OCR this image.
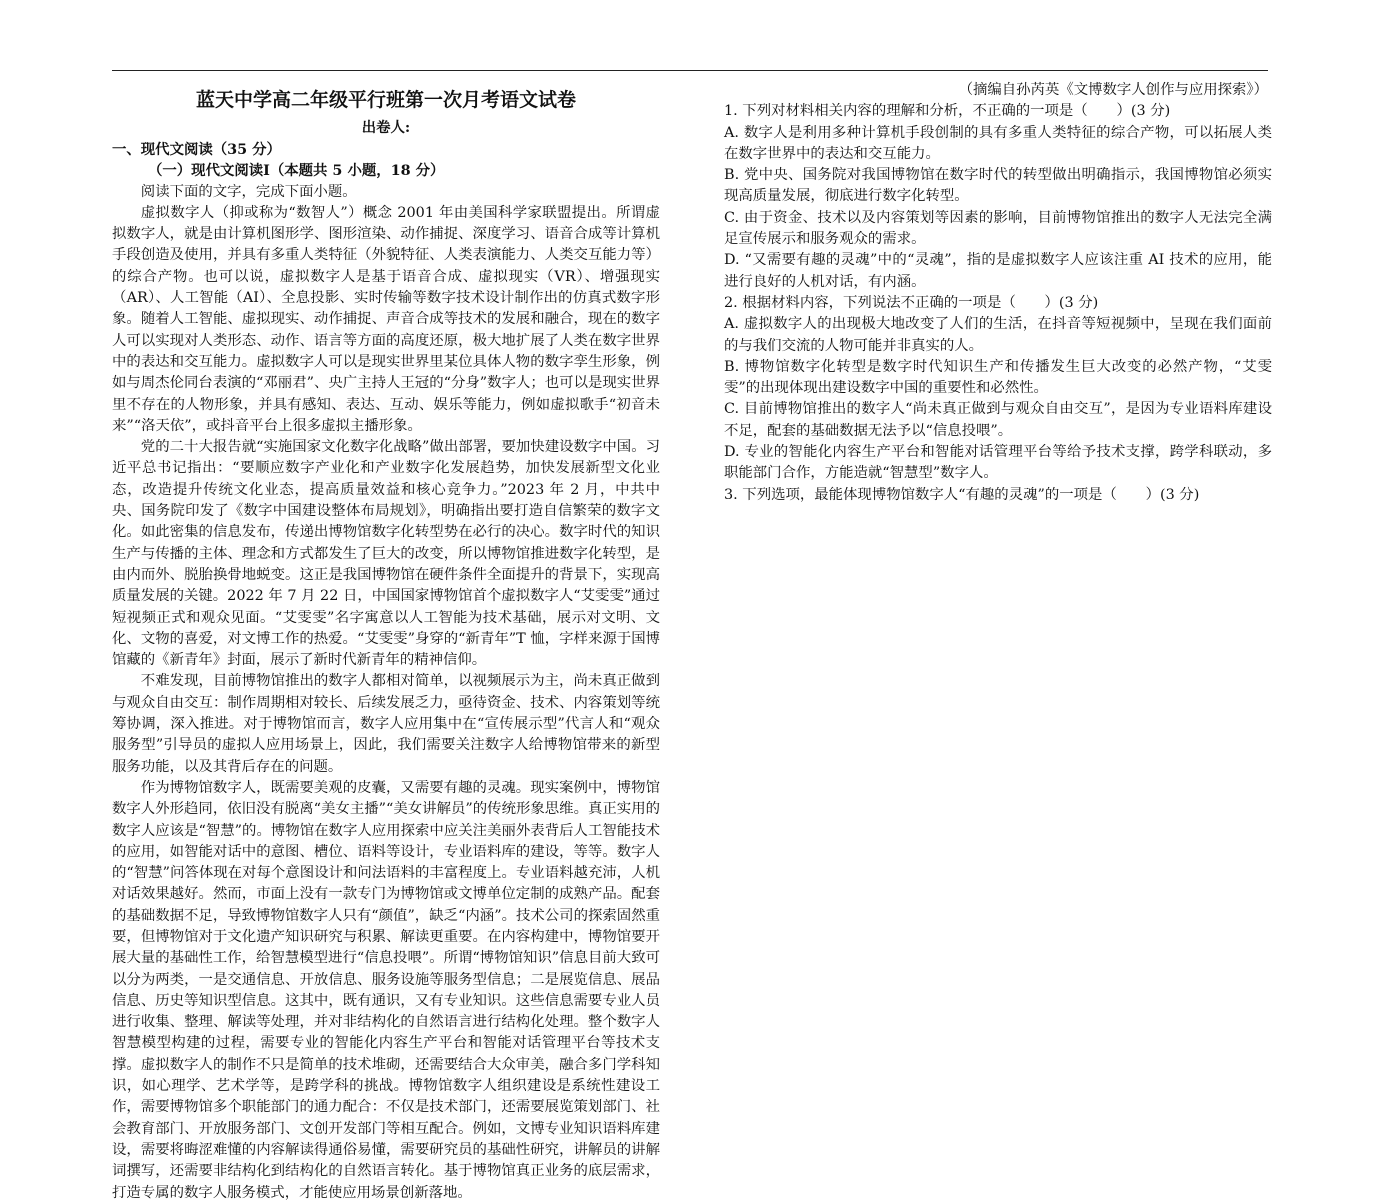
蓝天中学高二年级平行班第一次月考语文试卷
出卷人:
一、现代文阅读（35 分）
（一）现代文阅读Ⅰ（本题共 5 小题，18 分）

阅读下面的文字，完成下面小题。

虚拟数字人（抑或称为“数智人”）概念 2001 年由美国科学家联盟提出。所谓虚拟数字人，就是由计算机图形学、图形渲染、动作捕捉、深度学习、语音合成等计算机手段创造及使用，并具有多重人类特征（外貌特征、人类表演能力、人类交互能力等）的综合产物。也可以说，虚拟数字人是基于语音合成、虚拟现实（VR）、增强现实（AR）、人工智能（AI）、全息投影、实时传输等数字技术设计制作出的仿真式数字形象。随着人工智能、虚拟现实、动作捕捉、声音合成等技术的发展和融合，现在的数字人可以实现对人类形态、动作、语言等方面的高度还原，极大地扩展了人类在数字世界中的表达和交互能力。虚拟数字人可以是现实世界里某位具体人物的数字孪生形象，例如与周杰伦同台表演的“邓丽君”、央广主持人王冠的“分身”数字人；也可以是现实世界里不存在的人物形象，并具有感知、表达、互动、娱乐等能力，例如虚拟歌手“初音未来”“洛天依”，或抖音平台上很多虚拟主播形象。

党的二十大报告就“实施国家文化数字化战略”做出部署，要加快建设数字中国。习近平总书记指出：“要顺应数字产业化和产业数字化发展趋势，加快发展新型文化业态，改造提升传统文化业态，提高质量效益和核心竞争力。”2023 年 2 月，中共中央、国务院印发了《数字中国建设整体布局规划》，明确指出要打造自信繁荣的数字文化。如此密集的信息发布，传递出博物馆数字化转型势在必行的决心。数字时代的知识生产与传播的主体、理念和方式都发生了巨大的改变，所以博物馆推进数字化转型，是由内而外、脱胎换骨地蜕变。这正是我国博物馆在硬件条件全面提升的背景下，实现高质量发展的关键。2022 年 7 月 22 日，中国国家博物馆首个虚拟数字人“艾雯雯”通过短视频正式和观众见面。“艾雯雯”名字寓意以人工智能为技术基础，展示对文明、文化、文物的喜爱，对文博工作的热爱。“艾雯雯”身穿的“新青年”T 恤，字样来源于国博馆藏的《新青年》封面，展示了新时代新青年的精神信仰。

不难发现，目前博物馆推出的数字人都相对简单，以视频展示为主，尚未真正做到与观众自由交互：制作周期相对较长、后续发展乏力，亟待资金、技术、内容策划等统筹协调，深入推进。对于博物馆而言，数字人应用集中在“宣传展示型”代言人和“观众服务型”引导员的虚拟人应用场景上，因此，我们需要关注数字人给博物馆带来的新型服务功能，以及其背后存在的问题。

作为博物馆数字人，既需要美观的皮囊，又需要有趣的灵魂。现实案例中，博物馆数字人外形趋同，依旧没有脱离“美女主播”“美女讲解员”的传统形象思维。真正实用的数字人应该是“智慧”的。博物馆在数字人应用探索中应关注美丽外表背后人工智能技术的应用，如智能对话中的意图、槽位、语料等设计，专业语料库的建设，等等。数字人的“智慧”问答体现在对每个意图设计和问法语料的丰富程度上。专业语料越充沛，人机对话效果越好。然而，市面上没有一款专门为博物馆或文博单位定制的成熟产品。配套的基础数据不足，导致博物馆数字人只有“颜值”，缺乏“内涵”。技术公司的探索固然重要，但博物馆对于文化遗产知识研究与积累、解读更重要。在内容构建中，博物馆要开展大量的基础性工作，给智慧模型进行“信息投喂”。所谓“博物馆知识”信息目前大致可以分为两类，一是交通信息、开放信息、服务设施等服务型信息；二是展览信息、展品信息、历史等知识型信息。这其中，既有通识，又有专业知识。这些信息需要专业人员进行收集、整理、解读等处理，并对非结构化的自然语言进行结构化处理。整个数字人智慧模型构建的过程，需要专业的智能化内容生产平台和智能对话管理平台等技术支撑。虚拟数字人的制作不只是简单的技术堆砌，还需要结合大众审美，融合多门学科知识，如心理学、艺术学等，是跨学科的挑战。博物馆数字人组织建设是系统性建设工作，需要博物馆多个职能部门的通力配合：不仅是技术部门，还需要展览策划部门、社会教育部门、开放服务部门、文创开发部门等相互配合。例如，文博专业知识语料库建设，需要将晦涩难懂的内容解读得通俗易懂，需要研究员的基础性研究，讲解员的讲解词撰写，还需要非结构化到结构化的自然语言转化。基于博物馆真正业务的底层需求，打造专属的数字人服务模式，才能使应用场景创新落地。

（摘编自孙芮英《文博数字人创作与应用探索》）

1. 下列对材料相关内容的理解和分析，不正确的一项是（　　）(3 分)

A. 数字人是利用多种计算机手段创制的具有多重人类特征的综合产物，可以拓展人类在数字世界中的表达和交互能力。

B. 党中央、国务院对我国博物馆在数字时代的转型做出明确指示，我国博物馆必须实现高质量发展，彻底进行数字化转型。

C. 由于资金、技术以及内容策划等因素的影响，目前博物馆推出的数字人无法完全满足宣传展示和服务观众的需求。

D. “又需要有趣的灵魂”中的“灵魂”，指的是虚拟数字人应该注重 AI 技术的应用，能进行良好的人机对话，有内涵。

2. 根据材料内容，下列说法不正确的一项是（　　）(3 分)

A. 虚拟数字人的出现极大地改变了人们的生活，在抖音等短视频中，呈现在我们面前的与我们交流的人物可能并非真实的人。

B. 博物馆数字化转型是数字时代知识生产和传播发生巨大改变的必然产物，“艾雯雯”的出现体现出建设数字中国的重要性和必然性。

C. 目前博物馆推出的数字人“尚未真正做到与观众自由交互”，是因为专业语料库建设不足，配套的基础数据无法予以“信息投喂”。

D. 专业的智能化内容生产平台和智能对话管理平台等给予技术支撑，跨学科联动，多职能部门合作，方能造就“智慧型”数字人。

3. 下列选项，最能体现博物馆数字人“有趣的灵魂”的一项是（　　）(3 分)
